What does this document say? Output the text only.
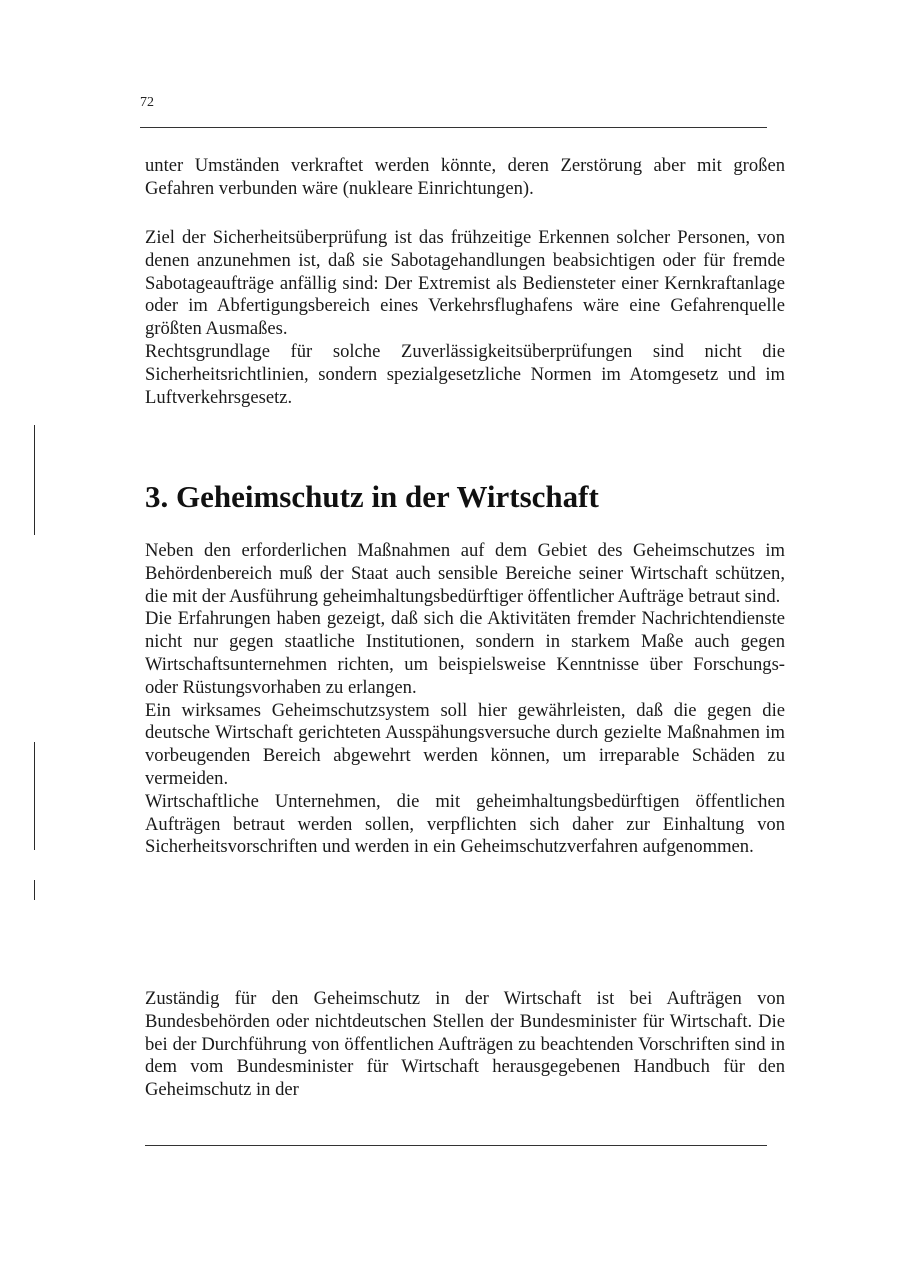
72

unter Umständen verkraftet werden könnte, deren Zerstörung aber mit großen Gefahren verbunden wäre (nukleare Einrichtungen).

Ziel der Sicherheitsüberprüfung ist das frühzeitige Erkennen solcher Personen, von denen anzunehmen ist, daß sie Sabotagehandlungen beabsichtigen oder für fremde Sabotageaufträge anfällig sind: Der Extremist als Bediensteter einer Kernkraftanlage oder im Abfertigungsbereich eines Verkehrsflughafens wäre eine Gefahrenquelle größten Ausmaßes.

Rechtsgrundlage für solche Zuverlässigkeitsüberprüfungen sind nicht die Sicherheitsrichtlinien, sondern spezialgesetzliche Normen im Atomgesetz und im Luftverkehrsgesetz.

3. Geheimschutz in der Wirtschaft

Neben den erforderlichen Maßnahmen auf dem Gebiet des Geheimschutzes im Behördenbereich muß der Staat auch sensible Bereiche seiner Wirtschaft schützen, die mit der Ausführung geheimhaltungsbedürftiger öffentlicher Aufträge betraut sind.

Die Erfahrungen haben gezeigt, daß sich die Aktivitäten fremder Nachrichtendienste nicht nur gegen staatliche Institutionen, sondern in starkem Maße auch gegen Wirtschaftsunternehmen richten, um beispielsweise Kenntnisse über Forschungs- oder Rüstungsvorhaben zu erlangen.

Ein wirksames Geheimschutzsystem soll hier gewährleisten, daß die gegen die deutsche Wirtschaft gerichteten Ausspähungsversuche durch gezielte Maßnahmen im vorbeugenden Bereich abgewehrt werden können, um irreparable Schäden zu vermeiden.

Wirtschaftliche Unternehmen, die mit geheimhaltungsbedürftigen öffentlichen Aufträgen betraut werden sollen, verpflichten sich daher zur Einhaltung von Sicherheitsvorschriften und werden in ein Geheimschutzverfahren aufgenommen.

Zuständig für den Geheimschutz in der Wirtschaft ist bei Aufträgen von Bundesbehörden oder nichtdeutschen Stellen der Bundesminister für Wirtschaft. Die bei der Durchführung von öffentlichen Aufträgen zu beachtenden Vorschriften sind in dem vom Bundesminister für Wirtschaft herausgegebenen Handbuch für den Geheimschutz in der
